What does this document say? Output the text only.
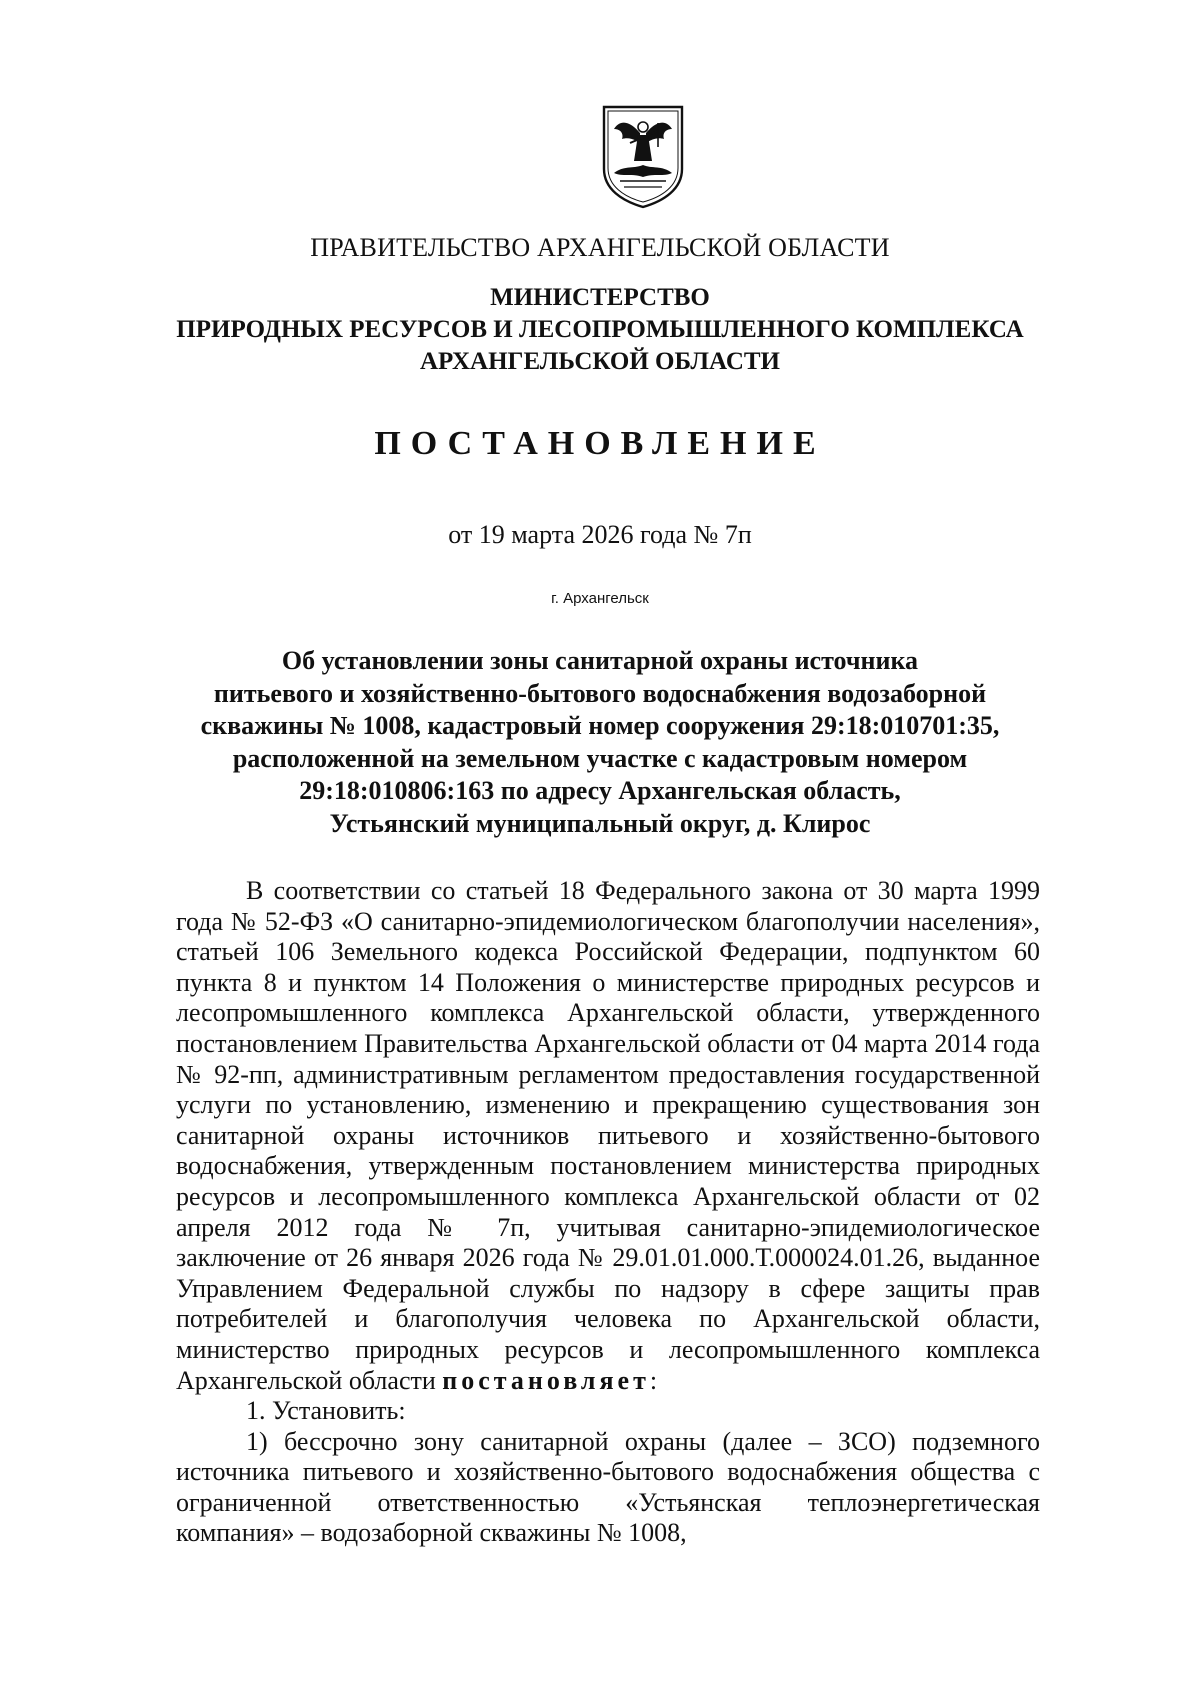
ПРАВИТЕЛЬСТВО АРХАНГЕЛЬСКОЙ ОБЛАСТИ
МИНИСТЕРСТВО
ПРИРОДНЫХ РЕСУРСОВ И ЛЕСОПРОМЫШЛЕННОГО КОМПЛЕКСА
АРХАНГЕЛЬСКОЙ ОБЛАСТИ
ПОСТАНОВЛЕНИЕ
от 19 марта 2026 года № 7п
г. Архангельск
Об установлении зоны санитарной охраны источника
питьевого и хозяйственно-бытового водоснабжения водозаборной
скважины № 1008, кадастровый номер сооружения 29:18:010701:35,
расположенной на земельном участке с кадастровым номером
29:18:010806:163 по адресу Архангельская область,
Устьянский муниципальный округ, д. Клирос

В соответствии со статьей 18 Федерального закона от 30 марта 1999 года № 52-ФЗ «О санитарно-эпидемиологическом благополучии населения», статьей 106 Земельного кодекса Российской Федерации, подпунктом 60 пункта 8 и пунктом 14 Положения о министерстве природных ресурсов и лесопромышленного комплекса Архангельской области, утвержденного постановлением Правительства Архангельской области от 04 марта 2014 года № 92-пп, административным регламентом предоставления государственной услуги по установлению, изменению и прекращению существования зон санитарной охраны источников питьевого и хозяйственно-бытового водоснабжения, утвержденным постановлением министерства природных ресурсов и лесопромышленного комплекса Архангельской области от 02 апреля 2012 года № 7п, учитывая санитарно-эпидемиологическое заключение от 26 января 2026 года № 29.01.01.000.Т.000024.01.26, выданное Управлением Федеральной службы по надзору в сфере защиты прав потребителей и благополучия человека по Архангельской области, министерство природных ресурсов и лесопромышленного комплекса Архангельской области постановляет:

1. Установить:

1) бессрочно зону санитарной охраны (далее – ЗСО) подземного источника питьевого и хозяйственно-бытового водоснабжения общества с ограниченной ответственностью «Устьянская теплоэнергетическая компания» – водозаборной скважины № 1008,
